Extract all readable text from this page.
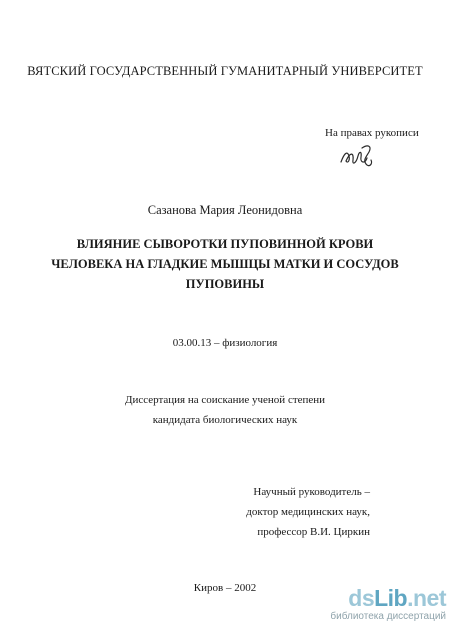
ВЯТСКИЙ ГОСУДАРСТВЕННЫЙ ГУМАНИТАРНЫЙ УНИВЕРСИТЕТ
На правах рукописи
Сазанова Мария Леонидовна
ВЛИЯНИЕ СЫВОРОТКИ ПУПОВИННОЙ КРОВИ
ЧЕЛОВЕКА НА ГЛАДКИЕ МЫШЦЫ МАТКИ И СОСУДОВ
ПУПОВИНЫ
03.00.13 – физиология
Диссертация на соискание ученой степени
кандидата биологических наук
Научный руководитель –
доктор медицинских наук,
профессор В.И. Циркин
Киров – 2002	dsLib.net
библиотека диссертаций
